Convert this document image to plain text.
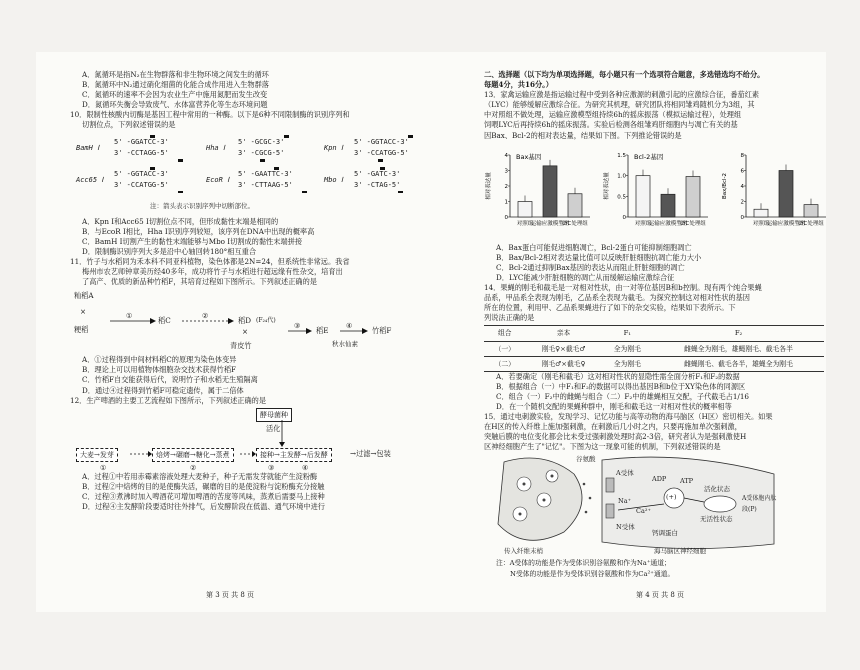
A．氮循环是指N₂在生物群落和非生物环境之间发生的循环

B．氮循环中N₂通过硝化细菌的化能合成作用进入生物群落

C．氮循环的速率不会因为农业生产中施用氮肥而发生改变

D．氮循环失衡会导致废气、水体富营养化等生态环境问题

10．限制性核酸内切酶是基因工程中常用的一种酶。以下是6种不同限制酶的识别序列和

切割位点，下列叙述错误的是

BamH Ⅰ
5' -GGATCC-3'
3' -CCTAGG-5'
Hha Ⅰ
5' -GCGC-3'
3' -CGCG-5'
Kpn Ⅰ
5' -GGTACC-3'
3' -CCATGG-5'
Acc65 Ⅰ
5' -GGTACC-3'
3' -CCATGG-5'
EcoR Ⅰ
5' -GAATTC-3'
3' -CTTAAG-5'
Mbo Ⅰ
5' -GATC-3'
3' -CTAG-5'
注：箭头表示识别序列中切断部位。

A．Kpn Ⅰ和Acc65 Ⅰ切割位点不同，但形成黏性末端是相同的

B．与EcoR Ⅰ相比，Hha Ⅰ识别序列较短，该序列在DNA中出现的概率高

C．BamH Ⅰ切割产生的黏性末端能够与Mbo Ⅰ切割成的黏性末端拼接

D．限制酶识别序列大多是沿中心轴回转180°相互重合

11．竹子与水稻同为禾本科不同亚科植物，染色体都是2N=24，但系统性非常远。我省

梅州市农艺师钟章美历经40多年，成功将竹子与水稻进行超远缘有性杂交，培育出

了高产、优质的新品种竹稻F，其培育过程如下图所示。下列叙述正确的是

籼稻A
×
粳稻
①
稻C
②
稻D (F₂₄代)
×
青皮竹
③
稻E
④
秋水仙素
竹稻F

A．①过程得到中间材料稻C的原理为染色体变异

B．理论上可以用植物体细胞杂交技术获得竹稻F

C．竹稻F自交能获得后代，说明竹子和水稻无生殖隔离

D．通过④过程得到竹稻F可稳定遗传，属于二倍体

12．生产啤酒的主要工艺流程如下图所示，下列叙述正确的是

酵母菌种
活化
大麦→发芽	焙烤→碾磨→糖化→蒸煮	接种→主发酵→后发酵	→过滤→包装
①	②	③	④

A．过程①中若用赤霉素溶液处理大麦种子，种子无需发芽就能产生淀粉酶

B．过程②中焙烤的目的是使酶失活，碾磨的目的是使淀粉与淀粉酶充分接触

C．过程③煮沸时加入啤酒花可增加啤酒的苦度等风味，蒸煮后需要马上接种

D．过程④主发酵阶段要适时往外排气，后发酵阶段在低温、通气环境中进行

第 3 页 共 8 页

二、选择题（以下均为单项选择题，每小题只有一个选项符合题意，多选错选均不给分。

每题4分，共16分。）

13．家禽运输应激是指运输过程中受到各种应激源的刺激引起的应激综合征，番茄红素

（LYC）能够缓解应激综合征。为研究其机理，研究团队将相同雏鸡随机分为3组，其

中对照组不做处理，运输应激模型组持续6h的摇床振荡（模拟运输过程），处理组

饲喂LYC后再持续6h的摇床振荡。实验后检测各组雏鸡肝细胞内与凋亡有关的基

因Bax、Bcl-2的相对表达量，结果如下图。下列推论错误的是

Bax基因
相对表达量
4
3
2
1
0
对照组
运输应激模型组
LYC处理组
Bcl-2基因
相对表达量
1.5
1.0
0.5
0
对照组
运输应激模型组
LYC处理组
Bax/Bcl-2
8
6
4
2
0
对照组
运输应激模型组
LYC处理组

A．Bax蛋白可能促进细胞凋亡，Bcl-2蛋白可能抑制细胞凋亡

B．Bax/Bcl-2相对表达量比值可以反映肝脏细胞抗凋亡能力大小

C．Bcl-2通过抑制Bax基因的表达从而阻止肝脏细胞的凋亡

D．LYC能减少肝脏细胞的凋亡从而缓解运输应激综合征

14．果蝇的刚毛和截毛是一对相对性状，由一对等位基因B和b控制。现有两个纯合果蝇

品系，甲品系全表现为刚毛，乙品系全表现为截毛。为探究控制这对相对性状的基因

所在的位置，利用甲、乙品系果蝇进行了如下的杂交实验，结果如下表所示。下

列说法正确的是

组合	亲本	F₁	F₂
（一）	刚毛♀×截毛♂	全为刚毛	雌蝇全为刚毛，雄蝇刚毛、截毛各半
（二）	刚毛♂×截毛♀	全为刚毛	雌蝇刚毛、截毛各半，雄蝇全为刚毛

A．若要确定（刚毛和截毛）这对相对性状的显隐性需全面分析F₁和F₂的数据

B．根据组合（一）中F₁和F₂的数据可以得出基因B和b位于XY染色体的同源区

C．组合（一）F₂中的雌蝇与组合（二）F₂中的雄蝇相互交配，子代截毛占1/16

D．在一个随机交配的果蝇种群中，刚毛和截毛这一对相对性状的概率相等

15．通过电刺激实验，发现学习、记忆功能与高等动物的海马脑区（H区）密切相关。如果

在H区的传入纤维上施加强刺激，在刺激后几小时之内，只要再施加单次强刺激，

突触后膜的电位变化都会比未受过强刺激处理时高2-3倍，研究者认为是强刺激使H

区神经细胞产生了"记忆"。下图为这一现象可能的机制，下列叙述错误的是

谷氨酸
A受体
N受体
ADP ATP
活化状态
无活性状态
Ca²⁺
钙调蛋白
Na⁺	(+)	A受体胞内肽段(P)
传入纤维末梢	海马脑区神经细胞

注：A受体的功能是作为受体识别谷氨酸和作为Na⁺通道；

N受体的功能是作为受体识别谷氨酸和作为Ca²⁺通道。

第 4 页 共 8 页
